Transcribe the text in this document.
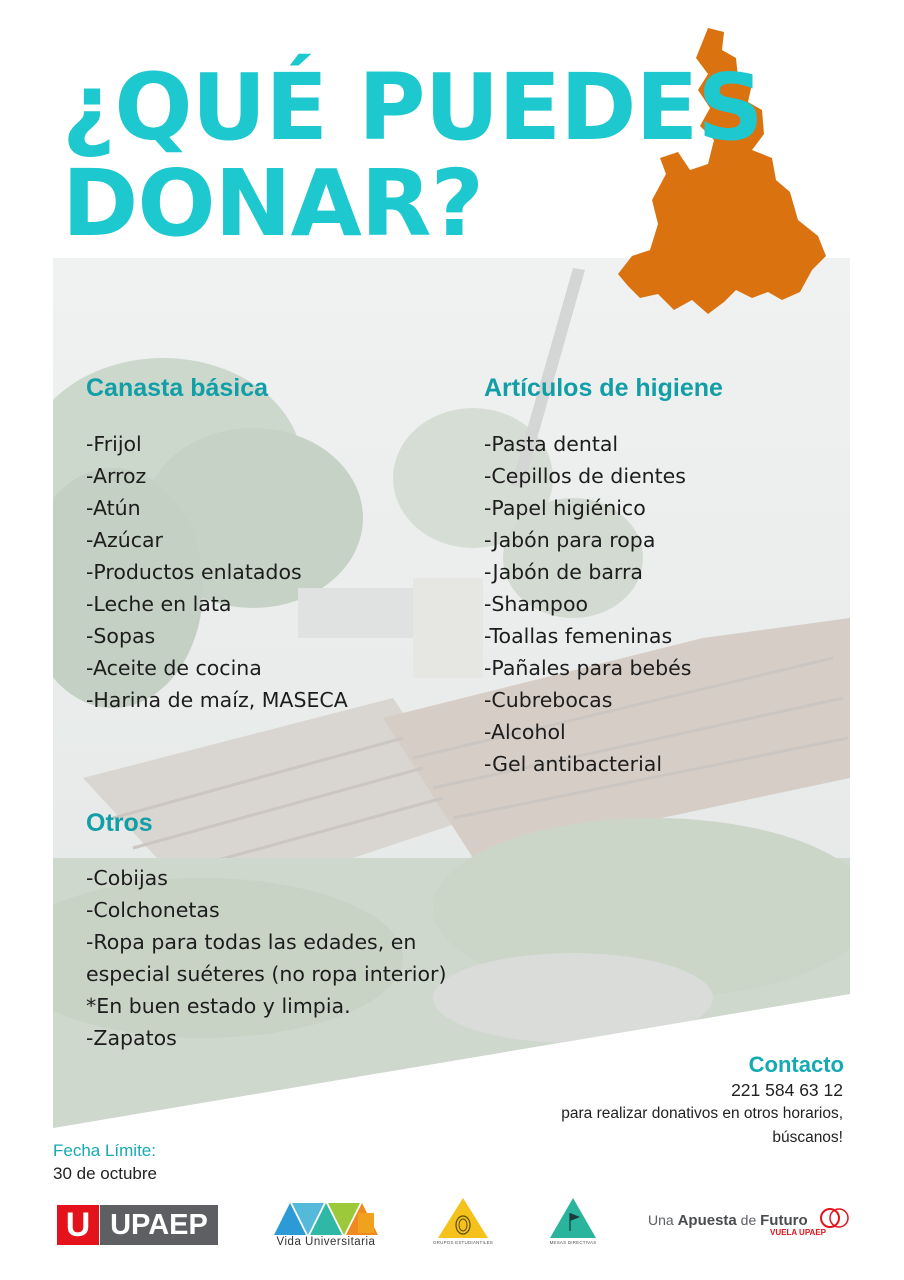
¿QUÉ PUEDES
DONAR?
Canasta básica
-Frijol
-Arroz
-Atún
-Azúcar
-Productos enlatados
-Leche en lata
-Sopas
-Aceite de cocina
-Harina de maíz, MASECA
Artículos de higiene
-Pasta dental
-Cepillos de dientes
-Papel higiénico
-Jabón para ropa
-Jabón de barra
-Shampoo
-Toallas femeninas
-Pañales para bebés
-Cubrebocas
-Alcohol
-Gel antibacterial
Otros
-Cobijas
-Colchonetas
-Ropa para todas las edades, en
especial suéteres (no ropa interior)
*En buen estado y limpia.
-Zapatos
Contacto
221 584 63 12
para realizar donativos en otros horarios, búscanos!
Fecha Límite:
30 de octubre
U UPAEP
Vida Universitaria	GRUPOS ESTUDIANTILES	MESAS DIRECTIVAS
Una Apuesta de Futuro
VUELA UPAEP
